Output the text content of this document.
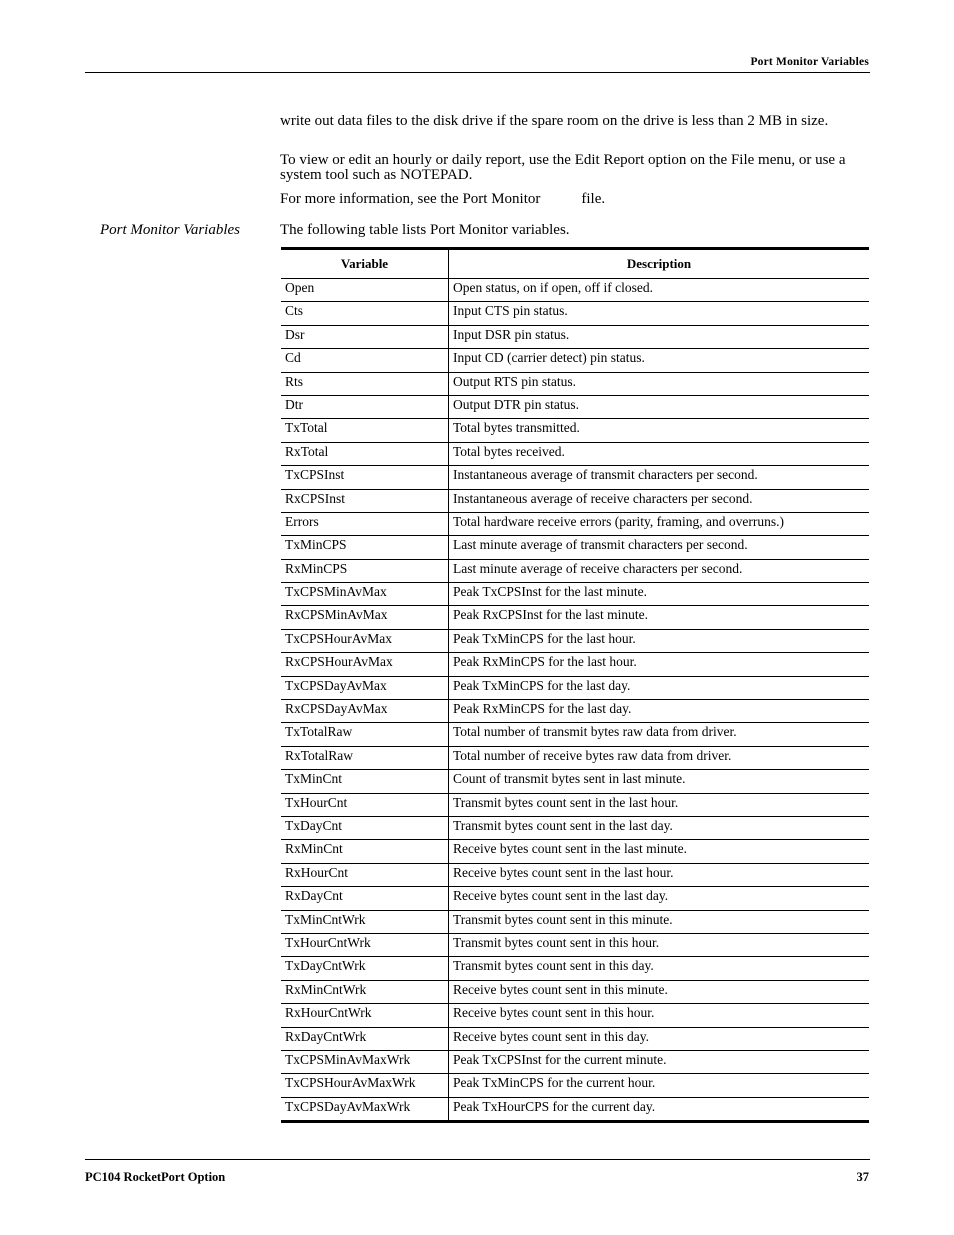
Port Monitor Variables
write out data files to the disk drive if the spare room on the drive is less than 2 MB in size.
To view or edit an hourly or daily report, use the Edit Report option on the File menu, or use a system tool such as NOTEPAD.
For more information, see the Port Monitor	file.
Port Monitor Variables	The following table lists Port Monitor variables.
Variable	Description
Open	Open status, on if open, off if closed.
Cts	Input CTS pin status.
Dsr	Input DSR pin status.
Cd	Input CD (carrier detect) pin status.
Rts	Output RTS pin status.
Dtr	Output DTR pin status.
TxTotal	Total bytes transmitted.
RxTotal	Total bytes received.
TxCPSInst	Instantaneous average of transmit characters per second.
RxCPSInst	Instantaneous average of receive characters per second.
Errors	Total hardware receive errors (parity, framing, and overruns.)
TxMinCPS	Last minute average of transmit characters per second.
RxMinCPS	Last minute average of receive characters per second.
TxCPSMinAvMax	Peak TxCPSInst for the last minute.
RxCPSMinAvMax	Peak RxCPSInst for the last minute.
TxCPSHourAvMax	Peak TxMinCPS for the last hour.
RxCPSHourAvMax	Peak RxMinCPS for the last hour.
TxCPSDayAvMax	Peak TxMinCPS for the last day.
RxCPSDayAvMax	Peak RxMinCPS for the last day.
TxTotalRaw	Total number of transmit bytes raw data from driver.
RxTotalRaw	Total number of receive bytes raw data from driver.
TxMinCnt	Count of transmit bytes sent in last minute.
TxHourCnt	Transmit bytes count sent in the last hour.
TxDayCnt	Transmit bytes count sent in the last day.
RxMinCnt	Receive bytes count sent in the last minute.
RxHourCnt	Receive bytes count sent in the last hour.
RxDayCnt	Receive bytes count sent in the last day.
TxMinCntWrk	Transmit bytes count sent in this minute.
TxHourCntWrk	Transmit bytes count sent in this hour.
TxDayCntWrk	Transmit bytes count sent in this day.
RxMinCntWrk	Receive bytes count sent in this minute.
RxHourCntWrk	Receive bytes count sent in this hour.
RxDayCntWrk	Receive bytes count sent in this day.
TxCPSMinAvMaxWrk	Peak TxCPSInst for the current minute.
TxCPSHourAvMaxWrk	Peak TxMinCPS for the current hour.
TxCPSDayAvMaxWrk	Peak TxHourCPS for the current day.
PC104 RocketPort Option	37
